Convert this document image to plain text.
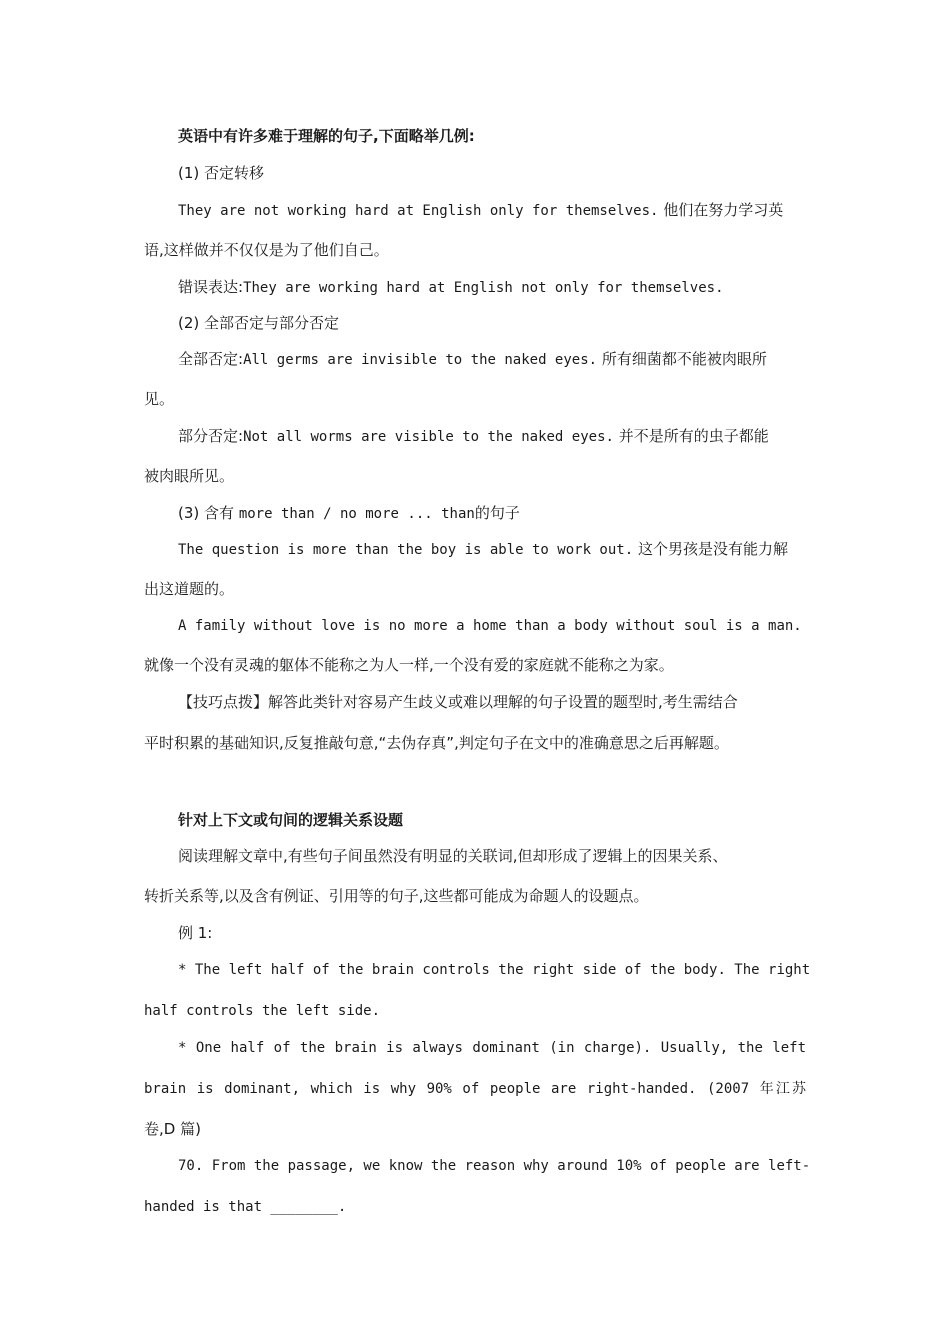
英语中有许多难于理解的句子,下面略举几例:
(1) 否定转移
They are not working hard at English only for themselves. 他们在努力学习英
语,这样做并不仅仅是为了他们自己。
错误表达:They are working hard at English not only for themselves.
(2) 全部否定与部分否定
全部否定:All germs are invisible to the naked eyes. 所有细菌都不能被肉眼所
见。
部分否定:Not all worms are visible to the naked eyes. 并不是所有的虫子都能
被肉眼所见。
(3) 含有 more than / no more ... than的句子
The question is more than the boy is able to work out. 这个男孩是没有能力解
出这道题的。
A family without love is no more a home than a body without soul is a man.
就像一个没有灵魂的躯体不能称之为人一样,一个没有爱的家庭就不能称之为家。
【技巧点拨】解答此类针对容易产生歧义或难以理解的句子设置的题型时,考生需结合
平时积累的基础知识,反复推敲句意,“去伪存真”,判定句子在文中的准确意思之后再解题。
针对上下文或句间的逻辑关系设题
阅读理解文章中,有些句子间虽然没有明显的关联词,但却形成了逻辑上的因果关系、
转折关系等,以及含有例证、引用等的句子,这些都可能成为命题人的设题点。
例 1:
* The left half of the brain controls the right side of the body. The right
half controls the left side.
* One half of the brain is always dominant (in charge). Usually, the left
brain is dominant, which is why 90% of people are right-handed. (2007 年江苏
卷,D 篇)
70. From the passage, we know the reason why around 10% of people are left-
handed is that ________.
